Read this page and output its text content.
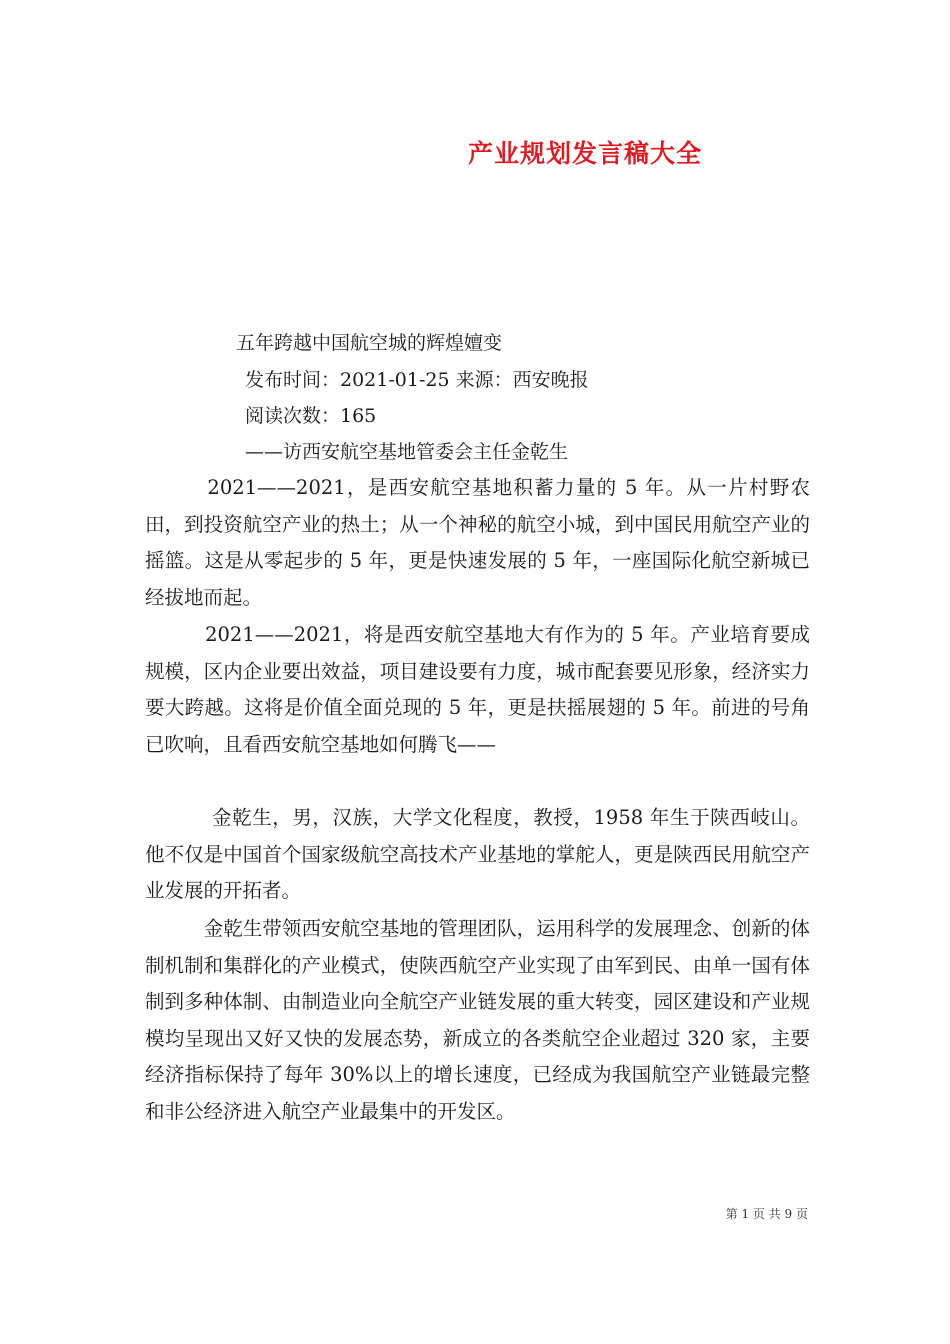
产业规划发言稿大全

五年跨越中国航空城的辉煌嬗变

发布时间：2021-01-25 来源：西安晚报

阅读次数：165

——访西安航空基地管委会主任金乾生

　　　2021——2021，是西安航空基地积蓄力量的 5 年。从一片村野农田，到投资航空产业的热土；从一个神秘的航空小城，到中国民用航空产业的摇篮。这是从零起步的 5 年，更是快速发展的 5 年，一座国际化航空新城已经拔地而起。

　　　2021——2021，将是西安航空基地大有作为的 5 年。产业培育要成规模，区内企业要出效益，项目建设要有力度，城市配套要见形象，经济实力要大跨越。这将是价值全面兑现的 5 年，更是扶摇展翅的 5 年。前进的号角已吹响，且看西安航空基地如何腾飞——

　　　 金乾生，男，汉族，大学文化程度，教授，1958 年生于陕西岐山。他不仅是中国首个国家级航空高技术产业基地的掌舵人，更是陕西民用航空产业发展的开拓者。

　　　金乾生带领西安航空基地的管理团队，运用科学的发展理念、创新的体制机制和集群化的产业模式，使陕西航空产业实现了由军到民、由单一国有体制到多种体制、由制造业向全航空产业链发展的重大转变，园区建设和产业规模均呈现出又好又快的发展态势，新成立的各类航空企业超过 320 家，主要经济指标保持了每年 30%以上的增长速度，已经成为我国航空产业链最完整和非公经济进入航空产业最集中的开发区。

第 1 页 共 9 页
